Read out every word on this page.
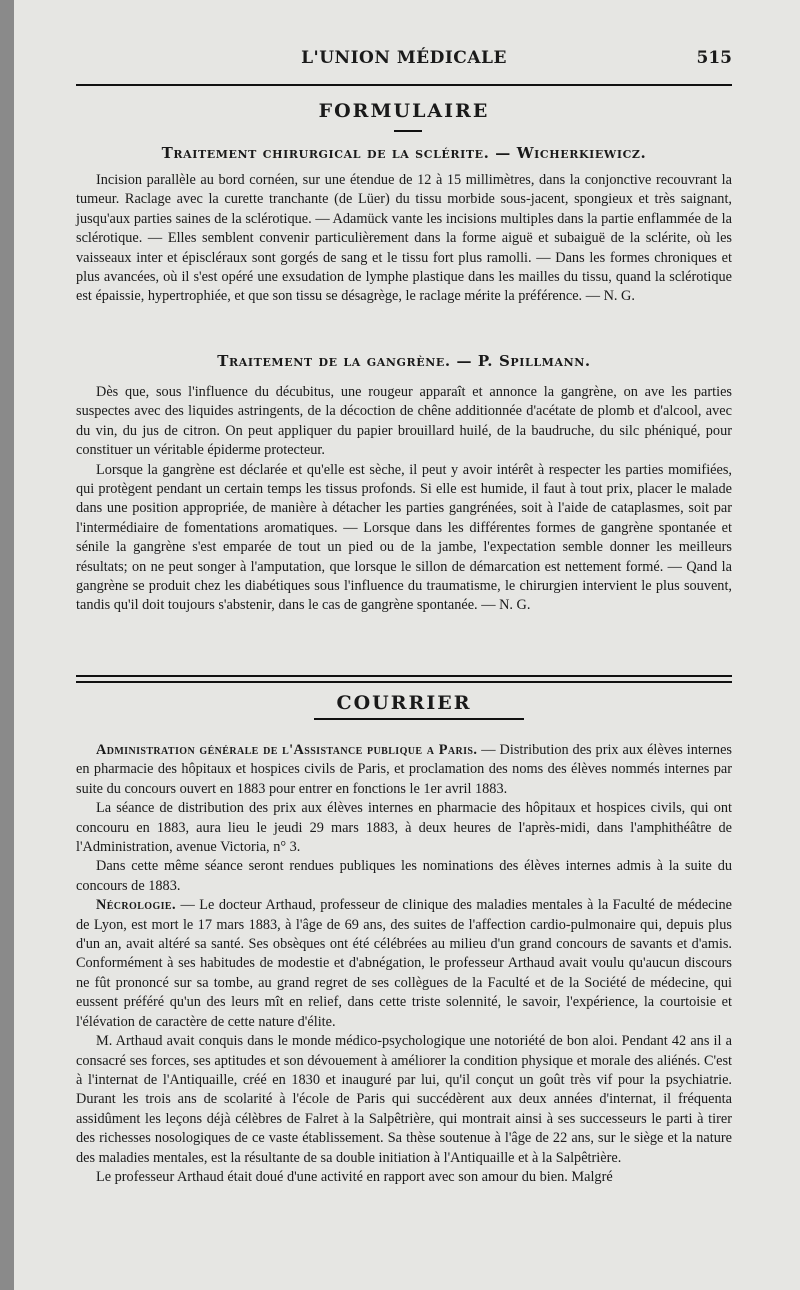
L'UNION MÉDICALE	515
FORMULAIRE
Traitement chirurgical de la sclérite. — Wicherkiewicz.

Incision parallèle au bord cornéen, sur une étendue de 12 à 15 millimètres, dans la conjonctive recouvrant la tumeur. Raclage avec la curette tranchante (de Lüer) du tissu morbide sous-jacent, spongieux et très saignant, jusqu'aux parties saines de la sclérotique. — Adamück vante les incisions multiples dans la partie enflammée de la sclérotique. — Elles semblent convenir particulièrement dans la forme aiguë et subaiguë de la sclérite, où les vaisseaux inter et épiscléraux sont gorgés de sang et le tissu fort plus ramolli. — Dans les formes chroniques et plus avancées, où il s'est opéré une exsudation de lymphe plastique dans les mailles du tissu, quand la sclérotique est épaissie, hypertrophiée, et que son tissu se désagrège, le raclage mérite la préférence. — N. G.

Traitement de la gangrène. — P. Spillmann.

Dès que, sous l'influence du décubitus, une rougeur apparaît et annonce la gangrène, on ave les parties suspectes avec des liquides astringents, de la décoction de chêne additionnée d'acétate de plomb et d'alcool, avec du vin, du jus de citron. On peut appliquer du papier brouillard huilé, de la baudruche, du silc phéniqué, pour constituer un véritable épiderme protecteur.

Lorsque la gangrène est déclarée et qu'elle est sèche, il peut y avoir intérêt à respecter les parties momifiées, qui protègent pendant un certain temps les tissus profonds. Si elle est humide, il faut à tout prix, placer le malade dans une position appropriée, de manière à détacher les parties gangrénées, soit à l'aide de cataplasmes, soit par l'intermédiaire de fomentations aromatiques. — Lorsque dans les différentes formes de gangrène spontanée et sénile la gangrène s'est emparée de tout un pied ou de la jambe, l'expectation semble donner les meilleurs résultats; on ne peut songer à l'amputation, que lorsque le sillon de démarcation est nettement formé. — Qand la gangrène se produit chez les diabétiques sous l'influence du traumatisme, le chirurgien intervient le plus souvent, tandis qu'il doit toujours s'abstenir, dans le cas de gangrène spontanée. — N. G.

COURRIER

Administration générale de l'Assistance publique a Paris. — Distribution des prix aux élèves internes en pharmacie des hôpitaux et hospices civils de Paris, et proclamation des noms des élèves nommés internes par suite du concours ouvert en 1883 pour entrer en fonctions le 1er avril 1883.

La séance de distribution des prix aux élèves internes en pharmacie des hôpitaux et hospices civils, qui ont concouru en 1883, aura lieu le jeudi 29 mars 1883, à deux heures de l'après-midi, dans l'amphithéâtre de l'Administration, avenue Victoria, n° 3.

Dans cette même séance seront rendues publiques les nominations des élèves internes admis à la suite du concours de 1883.

Nécrologie. — Le docteur Arthaud, professeur de clinique des maladies mentales à la Faculté de médecine de Lyon, est mort le 17 mars 1883, à l'âge de 69 ans, des suites de l'affection cardio-pulmonaire qui, depuis plus d'un an, avait altéré sa santé. Ses obsèques ont été célébrées au milieu d'un grand concours de savants et d'amis. Conformément à ses habitudes de modestie et d'abnégation, le professeur Arthaud avait voulu qu'aucun discours ne fût prononcé sur sa tombe, au grand regret de ses collègues de la Faculté et de la Société de médecine, qui eussent préféré qu'un des leurs mît en relief, dans cette triste solennité, le savoir, l'expérience, la courtoisie et l'élévation de caractère de cette nature d'élite.

M. Arthaud avait conquis dans le monde médico-psychologique une notoriété de bon aloi. Pendant 42 ans il a consacré ses forces, ses aptitudes et son dévouement à améliorer la condition physique et morale des aliénés. C'est à l'internat de l'Antiquaille, créé en 1830 et inauguré par lui, qu'il conçut un goût très vif pour la psychiatrie. Durant les trois ans de scolarité à l'école de Paris qui succédèrent aux deux années d'internat, il fréquenta assidûment les leçons déjà célèbres de Falret à la Salpêtrière, qui montrait ainsi à ses successeurs le parti à tirer des richesses nosologiques de ce vaste établissement. Sa thèse soutenue à l'âge de 22 ans, sur le siège et la nature des maladies mentales, est la résultante de sa double initiation à l'Antiquaille et à la Salpêtrière.

Le professeur Arthaud était doué d'une activité en rapport avec son amour du bien. Malgré
